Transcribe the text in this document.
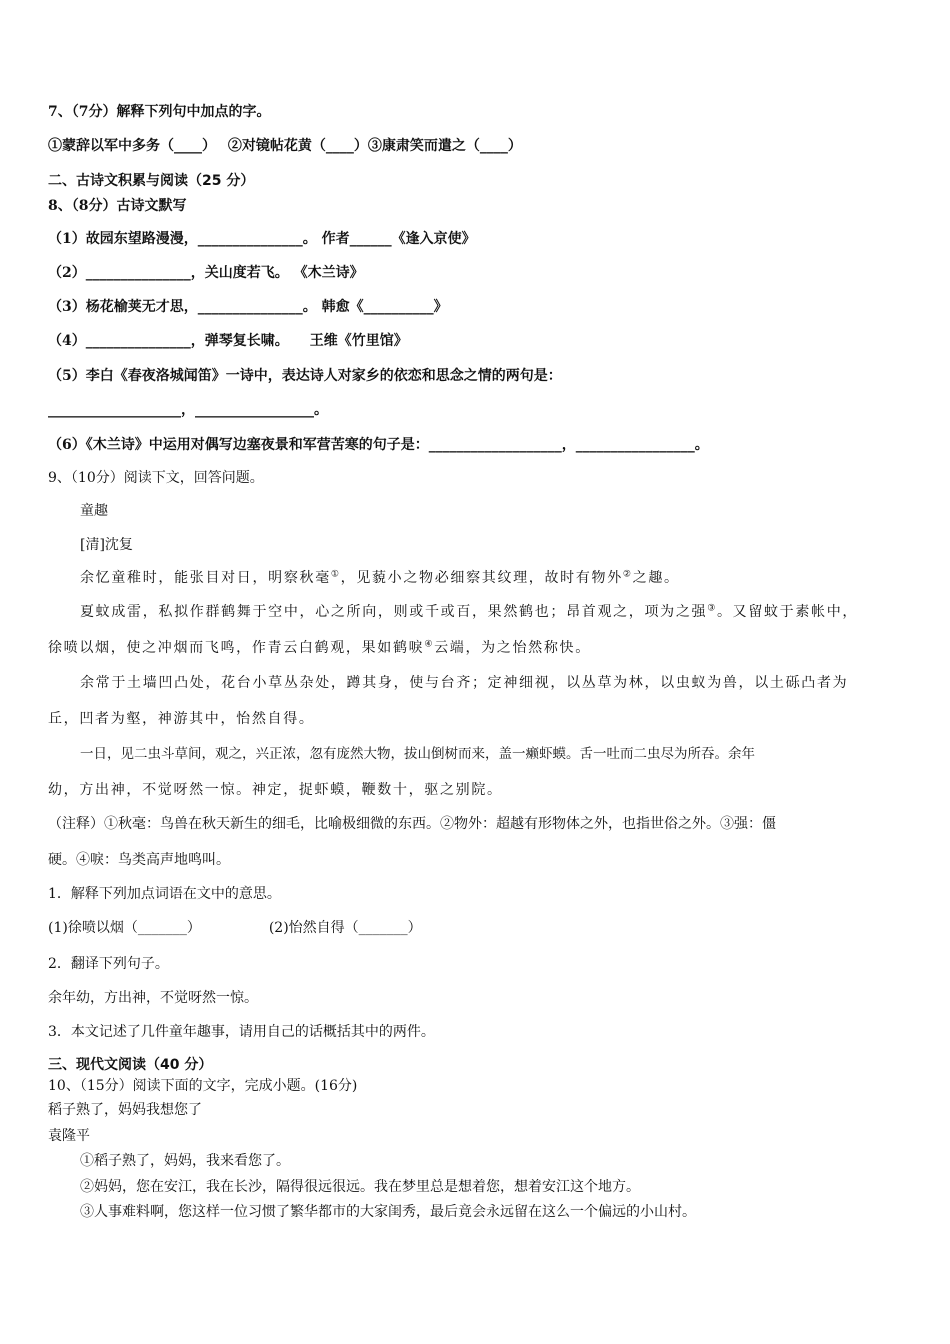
7、（7分）解释下列句中加点的字。
①蒙辞以军中多务（____）　 ②对镜帖花黄（____）③康肃笑而遣之（____）
二、古诗文积累与阅读（25 分）
8、（8分）古诗文默写
（1）故园东望路漫漫，_______________。 作者______《逢入京使》
（2）_______________，关山度若飞。 《木兰诗》
（3）杨花榆荚无才思，_______________。 韩愈《__________》
（4）_______________，弹琴复长啸。　　王维《竹里馆》
（5）李白《春夜洛城闻笛》一诗中，表达诗人对家乡的依恋和思念之情的两句是：
___________________，_________________。
（6）《木兰诗》中运用对偶写边塞夜景和军营苦寒的句子是：___________________，_________________。
9、（10分）阅读下文，回答问题。
童趣
[清]沈复
余忆童稚时，能张目对日，明察秋毫①，见藐小之物必细察其纹理，故时有物外②之趣。
夏蚊成雷，私拟作群鹤舞于空中，心之所向，则或千或百，果然鹤也；昂首观之，项为之强③。又留蚊于素帐中，
徐喷以烟，使之冲烟而飞鸣，作青云白鹤观，果如鹤唳④云端，为之怡然称快。
余常于土墙凹凸处，花台小草丛杂处，蹲其身，使与台齐；定神细视，以丛草为林，以虫蚁为兽，以土砾凸者为
丘，凹者为壑，神游其中，怡然自得。
一日，见二虫斗草间，观之，兴正浓，忽有庞然大物，拔山倒树而来，盖一癞虾蟆。舌一吐而二虫尽为所吞。余年
幼，方出神，不觉呀然一惊。神定，捉虾蟆，鞭数十，驱之别院。
（注释）①秋毫：鸟兽在秋天新生的细毛，比喻极细微的东西。②物外：超越有形物体之外，也指世俗之外。③强：僵
硬。④唳：鸟类高声地鸣叫。
1．解释下列加点词语在文中的意思。
(1)徐喷以烟（_______）	(2)怡然自得（_______）
2．翻译下列句子。
余年幼，方出神，不觉呀然一惊。
3．本文记述了几件童年趣事，请用自己的话概括其中的两件。
三、现代文阅读（40 分）
10、（15分）阅读下面的文字，完成小题。(16分)
稻子熟了，妈妈我想您了
袁隆平
①稻子熟了，妈妈，我来看您了。
②妈妈，您在安江，我在长沙，隔得很远很远。我在梦里总是想着您，想着安江这个地方。
③人事难料啊，您这样一位习惯了繁华都市的大家闺秀，最后竟会永远留在这么一个偏远的小山村。
